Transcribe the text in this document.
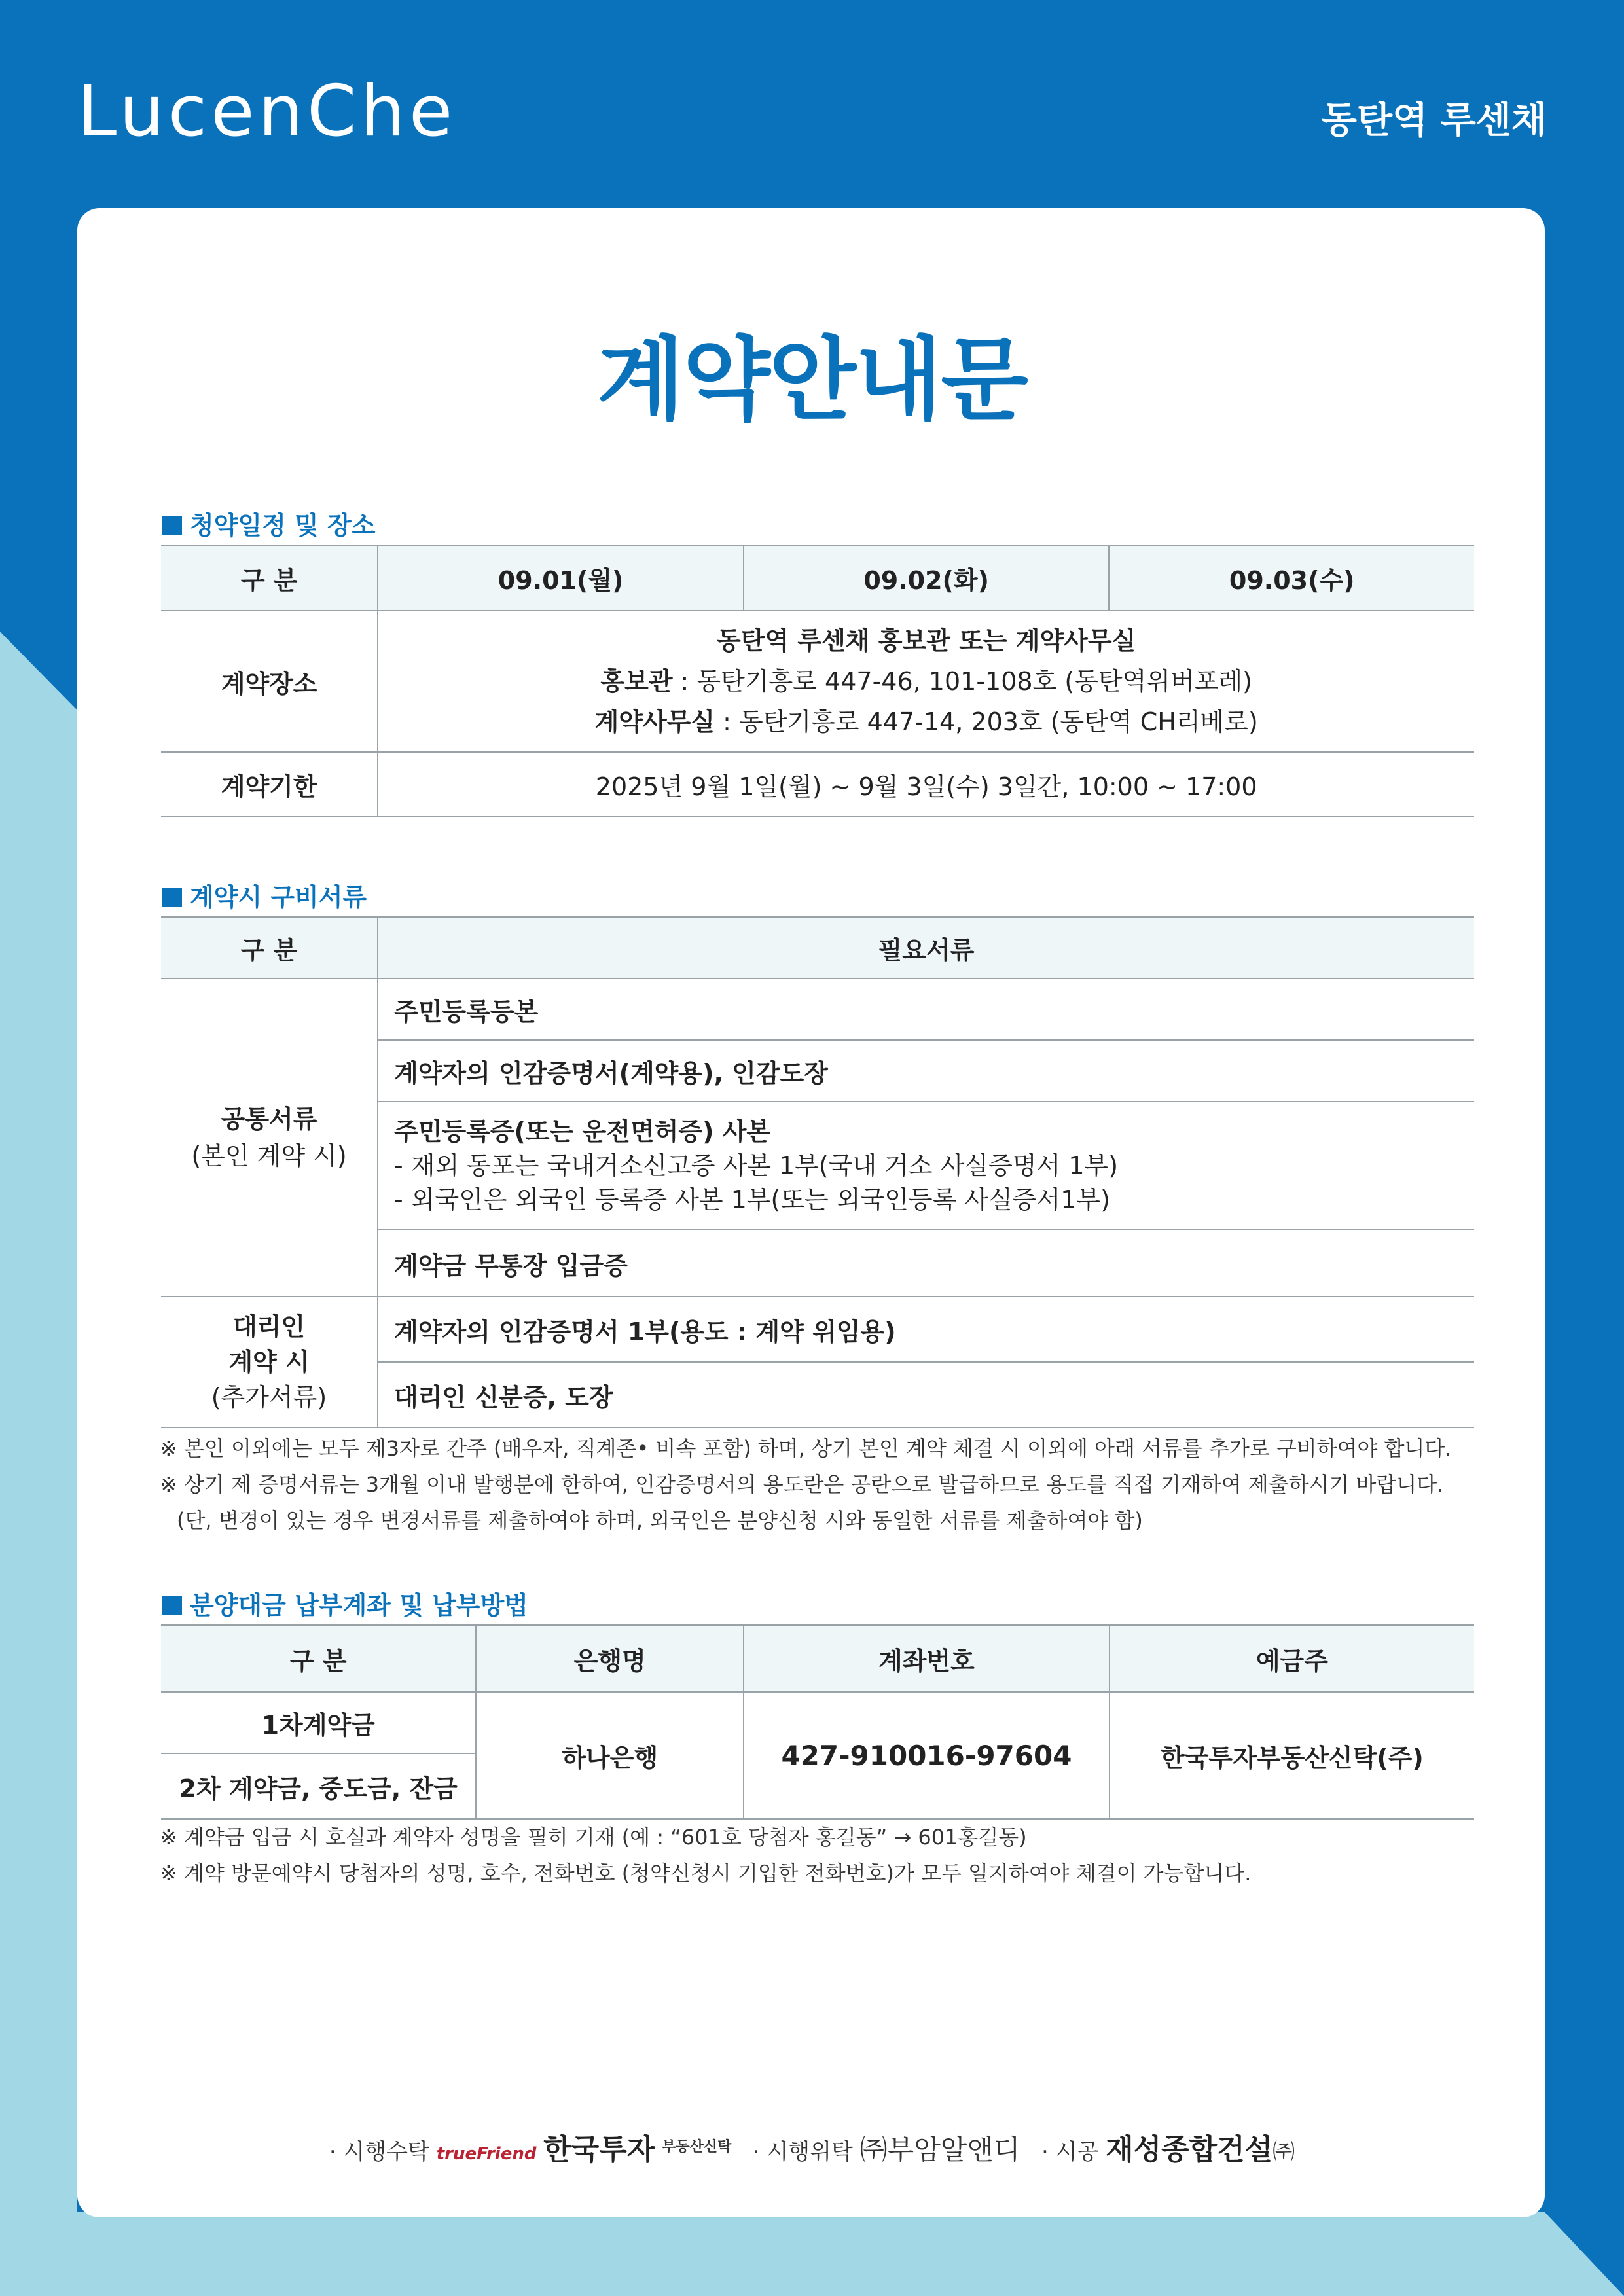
LucenChe	동탄역 루센채
계약안내문
청약일정 및 장소
구 분	09.01(월)	09.02(화)	09.03(수)
계약장소	동탄역 루센채 홍보관 또는 계약사무실
홍보관 : 동탄기흥로 447-46, 101-108호 (동탄역위버포레)
계약사무실 : 동탄기흥로 447-14, 203호 (동탄역 CH리베로)		

계약기한	2025년 9월 1일(월) ~ 9월 3일(수) 3일간, 10:00 ~ 17:00		
계약시 구비서류
구 분	필요서류

공통서류
(본인 계약 시)	주민등록등본
	계약자의 인감증명서(계약용), 인감도장

	주민등록증(또는 운전면허증) 사본
- 재외 동포는 국내거소신고증 사본 1부(국내 거소 사실증명서 1부)
- 외국인은 외국인 등록증 사본 1부(또는 외국인등록 사실증서1부)

	계약금 무통장 입금증

대리인
계약 시
(추가서류)	계약자의 인감증명서 1부(용도 : 계약 위임용)
	대리인 신분증, 도장
※ 본인 이외에는 모두 제3자로 간주 (배우자, 직계존• 비속 포함) 하며, 상기 본인 계약 체결 시 이외에 아래 서류를 추가로 구비하여야 합니다.
※ 상기 제 증명서류는 3개월 이내 발행분에 한하여, 인감증명서의 용도란은 공란으로 발급하므로 용도를 직접 기재하여 제출하시기 바랍니다.
(단, 변경이 있는 경우 변경서류를 제출하여야 하며, 외국인은 분양신청 시와 동일한 서류를 제출하여야 함)
분양대금 납부계좌 및 납부방법
구 분	은행명	계좌번호	예금주
1차계약금	하나은행	427-910016-97604	한국투자부동산신탁(주)
2차 계약금, 중도금, 잔금			
※ 계약금 입금 시 호실과 계약자 성명을 필히 기재 (예 : “601호 당첨자 홍길동” → 601홍길동)
※ 계약 방문예약시 당첨자의 성명, 호수, 전화번호 (청약신청시 기입한 전화번호)가 모두 일지하여야 체결이 가능합니다.
· 시행수탁 trueFriend 한국투자 $^{부동산신탁}$ · 시행위탁 ㈜부암알앤디 · 시공 재성종합건설㈜
